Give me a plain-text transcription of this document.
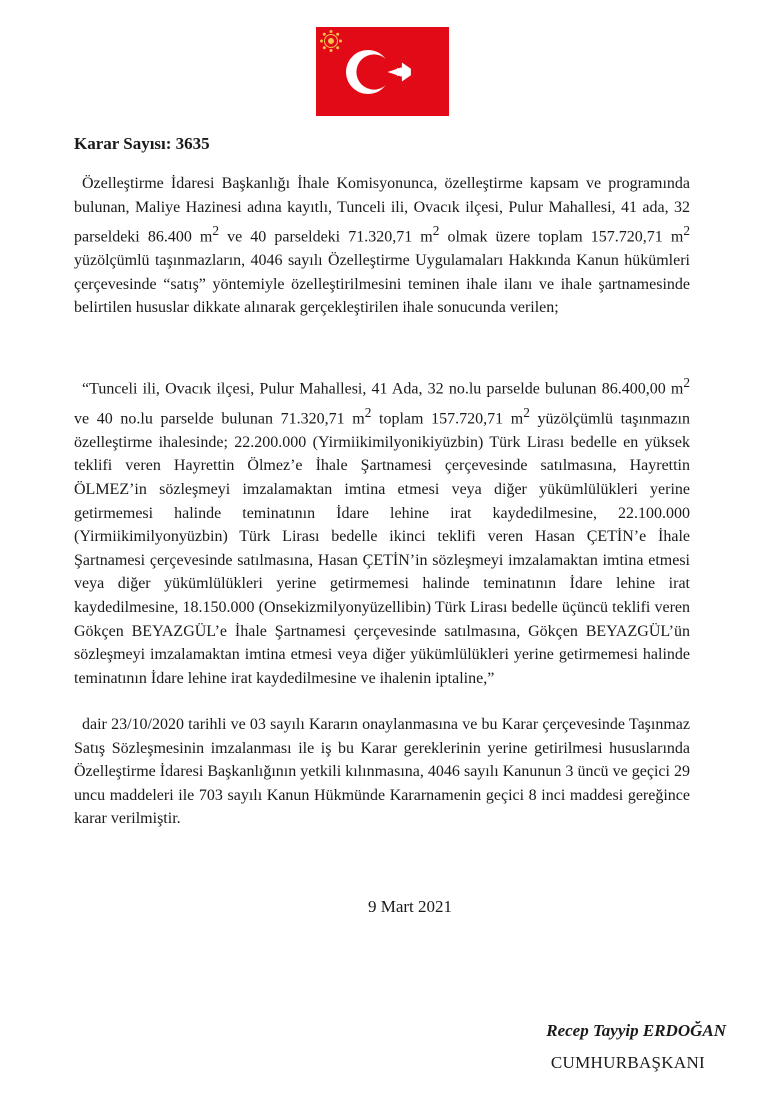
Karar Sayısı: 3635

Özelleştirme İdaresi Başkanlığı İhale Komisyonunca, özelleştirme kapsam ve programında bulunan, Maliye Hazinesi adına kayıtlı, Tunceli ili, Ovacık ilçesi, Pulur Mahallesi, 41 ada, 32 parseldeki 86.400 $m^2$ ve 40 parseldeki 71.320,71 $m^2$ olmak üzere toplam 157.720,71 $m^2$ yüzölçümlü taşınmazların, 4046 sayılı Özelleştirme Uygulamaları Hakkında Kanun hükümleri çerçevesinde “satış” yöntemiyle özelleştirilmesini teminen ihale ilanı ve ihale şartnamesinde belirtilen hususlar dikkate alınarak gerçekleştirilen ihale sonucunda verilen;

“Tunceli ili, Ovacık ilçesi, Pulur Mahallesi, 41 Ada, 32 no.lu parselde bulunan 86.400,00 $m^2$ ve 40 no.lu parselde bulunan 71.320,71 $m^2$ toplam 157.720,71 $m^2$ yüzölçümlü taşınmazın özelleştirme ihalesinde; 22.200.000 (Yirmiikimilyonikiyüzbin) Türk Lirası bedelle en yüksek teklifi veren Hayrettin Ölmez’e İhale Şartnamesi çerçevesinde satılmasına, Hayrettin ÖLMEZ’in sözleşmeyi imzalamaktan imtina etmesi veya diğer yükümlülükleri yerine getirmemesi halinde teminatının İdare lehine irat kaydedilmesine, 22.100.000 (Yirmiikimilyonyüzbin) Türk Lirası bedelle ikinci teklifi veren Hasan ÇETİN’e İhale Şartnamesi çerçevesinde satılmasına, Hasan ÇETİN’in sözleşmeyi imzalamaktan imtina etmesi veya diğer yükümlülükleri yerine getirmemesi halinde teminatının İdare lehine irat kaydedilmesine, 18.150.000 (Onsekizmilyonyüzellibin) Türk Lirası bedelle üçüncü teklifi veren Gökçen BEYAZGÜL’e İhale Şartnamesi çerçevesinde satılmasına, Gökçen BEYAZGÜL’ün sözleşmeyi imzalamaktan imtina etmesi veya diğer yükümlülükleri yerine getirmemesi halinde teminatının İdare lehine irat kaydedilmesine ve ihalenin iptaline,”

dair 23/10/2020 tarihli ve 03 sayılı Kararın onaylanmasına ve bu Karar çerçevesinde Taşınmaz Satış Sözleşmesinin imzalanması ile iş bu Karar gereklerinin yerine getirilmesi hususlarında Özelleştirme İdaresi Başkanlığının yetkili kılınmasına, 4046 sayılı Kanunun 3 üncü ve geçici 29 uncu maddeleri ile 703 sayılı Kanun Hükmünde Kararnamenin geçici 8 inci maddesi gereğince karar verilmiştir.

9 Mart 2021

Recep Tayyip ERDOĞAN

CUMHURBAŞKANI
